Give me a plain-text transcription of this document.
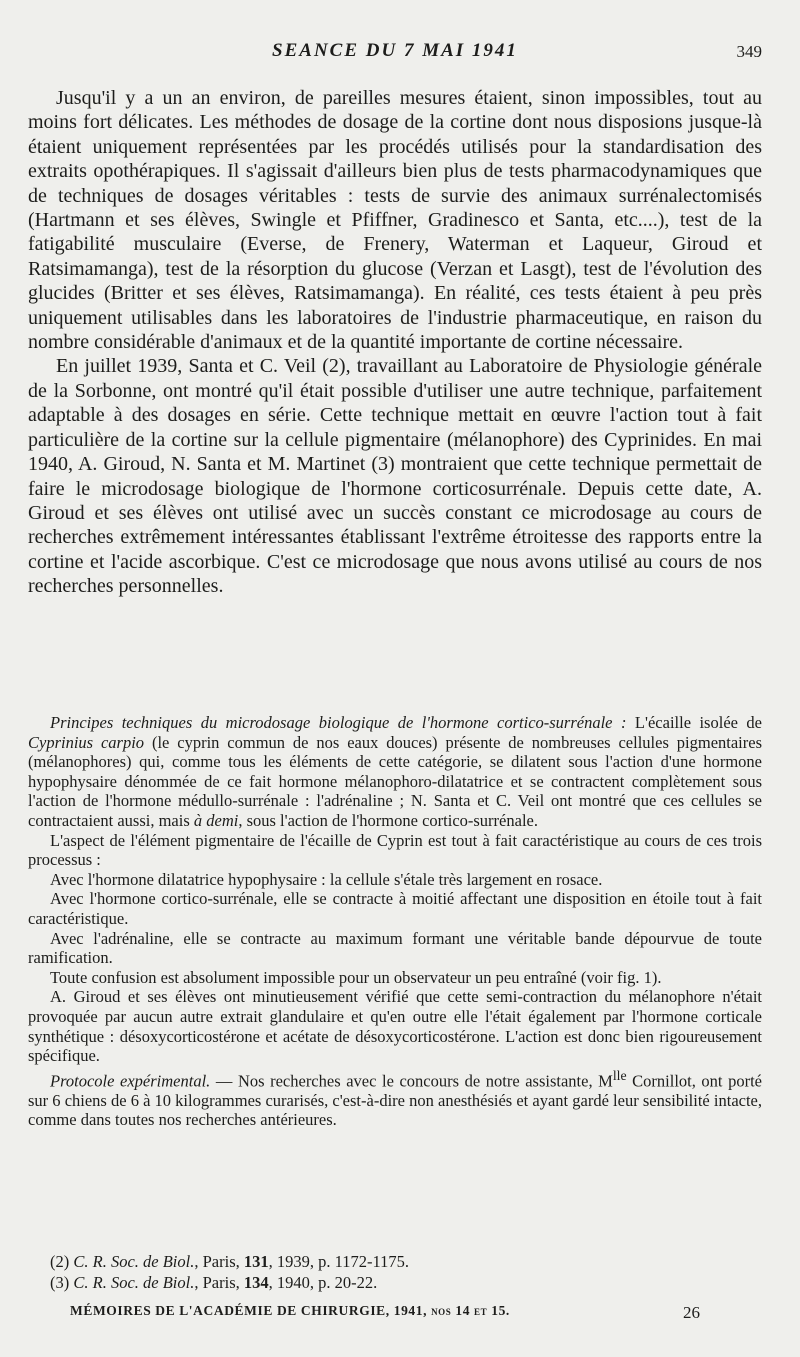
SEANCE DU 7 MAI 1941	349

Jusqu'il y a un an environ, de pareilles mesures étaient, sinon impossibles, tout au moins fort délicates. Les méthodes de dosage de la cortine dont nous disposions jusque-là étaient uniquement représentées par les procédés utilisés pour la standardisation des extraits opothérapiques. Il s'agissait d'ailleurs bien plus de tests pharmacodynamiques que de techniques de dosages véritables : tests de survie des animaux surrénalectomisés (Hartmann et ses élèves, Swingle et Pfiffner, Gradinesco et Santa, etc....), test de la fatigabilité musculaire (Everse, de Frenery, Waterman et Laqueur, Giroud et Ratsimamanga), test de la résorption du glucose (Verzan et Lasgt), test de l'évolution des glucides (Britter et ses élèves, Ratsimamanga). En réalité, ces tests étaient à peu près uniquement utilisables dans les laboratoires de l'industrie pharmaceutique, en raison du nombre considérable d'animaux et de la quantité importante de cortine nécessaire.

En juillet 1939, Santa et C. Veil (2), travaillant au Laboratoire de Physiologie générale de la Sorbonne, ont montré qu'il était possible d'utiliser une autre technique, parfaitement adaptable à des dosages en série. Cette technique mettait en œuvre l'action tout à fait particulière de la cortine sur la cellule pigmentaire (mélanophore) des Cyprinides. En mai 1940, A. Giroud, N. Santa et M. Martinet (3) montraient que cette technique permettait de faire le microdosage biologique de l'hormone corticosurrénale. Depuis cette date, A. Giroud et ses élèves ont utilisé avec un succès constant ce microdosage au cours de recherches extrêmement intéressantes établissant l'extrême étroitesse des rapports entre la cortine et l'acide ascorbique. C'est ce microdosage que nous avons utilisé au cours de nos recherches personnelles.

Principes techniques du microdosage biologique de l'hormone cortico-surrénale : L'écaille isolée de Cyprinius carpio (le cyprin commun de nos eaux douces) présente de nombreuses cellules pigmentaires (mélanophores) qui, comme tous les éléments de cette catégorie, se dilatent sous l'action d'une hormone hypophysaire dénommée de ce fait hormone mélanophoro-dilatatrice et se contractent complètement sous l'action de l'hormone médullo-surrénale : l'adrénaline ; N. Santa et C. Veil ont montré que ces cellules se contractaient aussi, mais à demi, sous l'action de l'hormone cortico-surrénale.

L'aspect de l'élément pigmentaire de l'écaille de Cyprin est tout à fait caractéristique au cours de ces trois processus :

Avec l'hormone dilatatrice hypophysaire : la cellule s'étale très largement en rosace.

Avec l'hormone cortico-surrénale, elle se contracte à moitié affectant une disposition en étoile tout à fait caractéristique.

Avec l'adrénaline, elle se contracte au maximum formant une véritable bande dépourvue de toute ramification.

Toute confusion est absolument impossible pour un observateur un peu entraîné (voir fig. 1).

A. Giroud et ses élèves ont minutieusement vérifié que cette semi-contraction du mélanophore n'était provoquée par aucun autre extrait glandulaire et qu'en outre elle l'était également par l'hormone corticale synthétique : désoxycorticostérone et acétate de désoxycorticostérone. L'action est donc bien rigoureusement spécifique.

Protocole expérimental. — Nos recherches avec le concours de notre assistante, $M^{lle}$ Cornillot, ont porté sur 6 chiens de 6 à 10 kilogrammes curarisés, c'est-à-dire non anesthésiés et ayant gardé leur sensibilité intacte, comme dans toutes nos recherches antérieures.

(2) C. R. Soc. de Biol., Paris, 131, 1939, p. 1172-1175.
(3) C. R. Soc. de Biol., Paris, 134, 1940, p. 20-22.
MÉMOIRES DE L'ACADÉMIE DE CHIRURGIE, 1941, nos 14 et 15.	26
